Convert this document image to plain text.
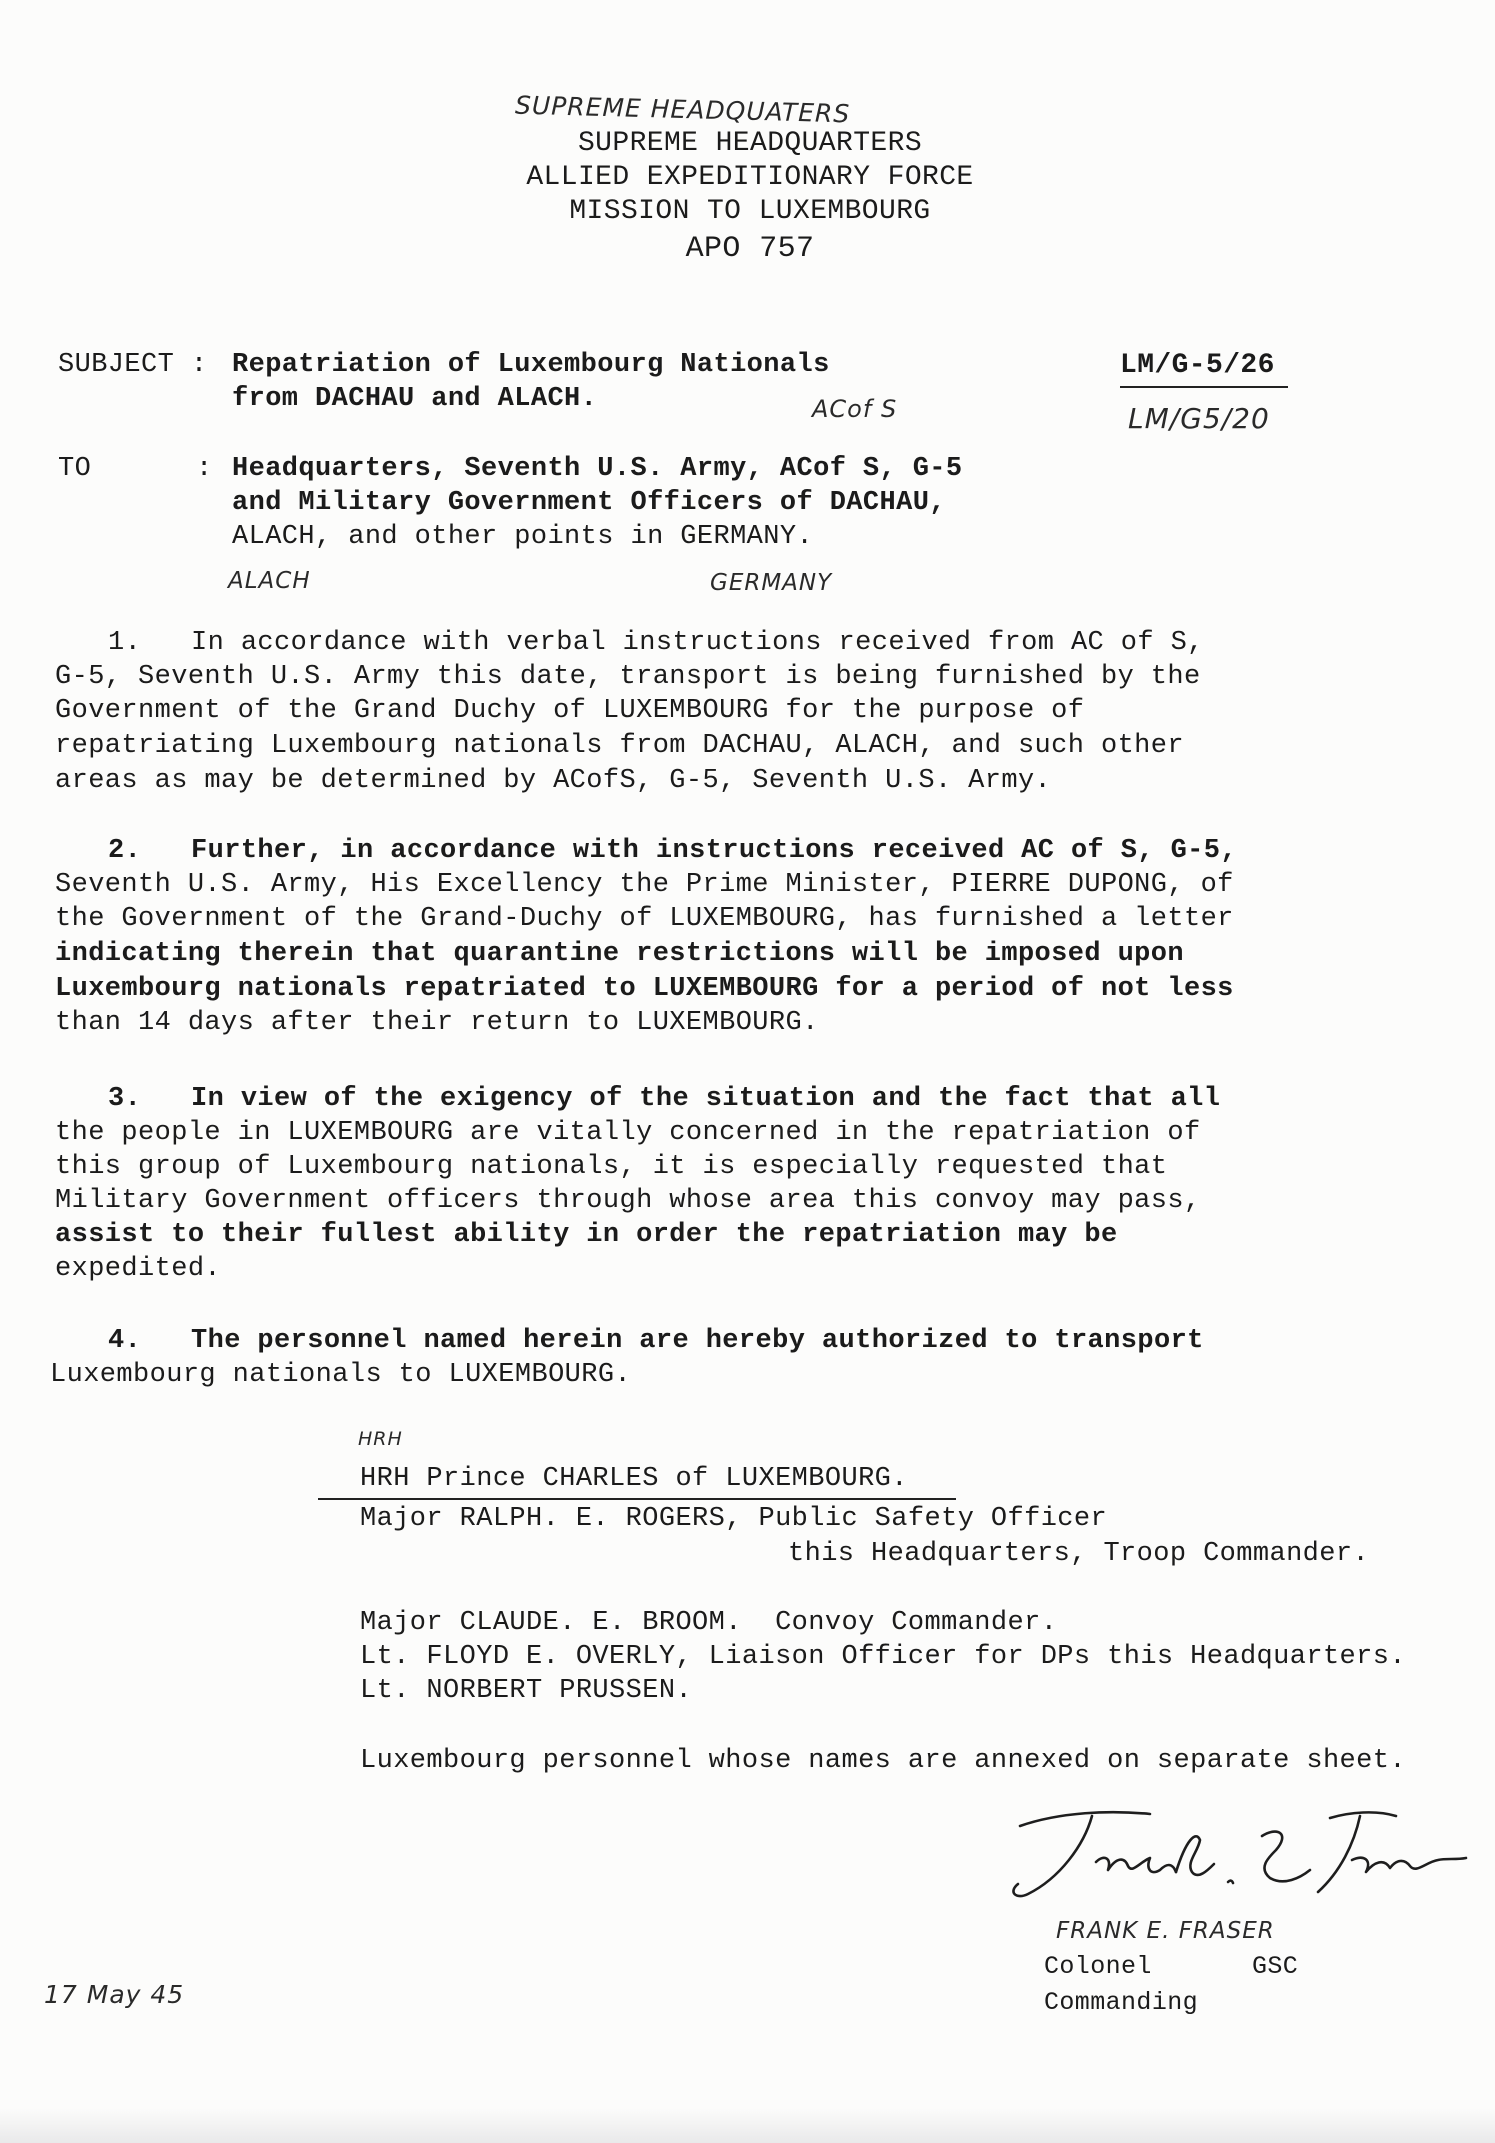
SUPREME HEADQUATERS
SUPREME HEADQUARTERS
ALLIED EXPEDITIONARY FORCE
MISSION TO LUXEMBOURG
APO 757
SUBJECT : Repatriation of Luxembourg Nationals
from DACHAU and ALACH.	ACof S
LM/G-5/26
LM/G5/20
TO	: Headquarters, Seventh U.S. Army, ACof S, G-5
and Military Government Officers of DACHAU,
ALACH, and other points in GERMANY.
ALACH	GERMANY
1.   In accordance with verbal instructions received from AC of S,
G-5, Seventh U.S. Army this date, transport is being furnished by the
Government of the Grand Duchy of LUXEMBOURG for the purpose of
repatriating Luxembourg nationals from DACHAU, ALACH, and such other
areas as may be determined by ACofS, G-5, Seventh U.S. Army.
2.   Further, in accordance with instructions received AC of S, G-5,
Seventh U.S. Army, His Excellency the Prime Minister, PIERRE DUPONG, of
the Government of the Grand-Duchy of LUXEMBOURG, has furnished a letter
indicating therein that quarantine restrictions will be imposed upon
Luxembourg nationals repatriated to LUXEMBOURG for a period of not less
than 14 days after their return to LUXEMBOURG.
3.   In view of the exigency of the situation and the fact that all
the people in LUXEMBOURG are vitally concerned in the repatriation of
this group of Luxembourg nationals, it is especially requested that
Military Government officers through whose area this convoy may pass,
assist to their fullest ability in order the repatriation may be
expedited.
4.   The personnel named herein are hereby authorized to transport
Luxembourg nationals to LUXEMBOURG.
HRH
HRH Prince CHARLES of LUXEMBOURG.
Major RALPH. E. ROGERS, Public Safety Officer
this Headquarters, Troop Commander.
Major CLAUDE. E. BROOM.  Convoy Commander.
Lt. FLOYD E. OVERLY, Liaison Officer for DPs this Headquarters.
Lt. NORBERT PRUSSEN.
Luxembourg personnel whose names are annexed on separate sheet.
FRANK E. FRASER
Colonel	GSC
Commanding
17 May 45
